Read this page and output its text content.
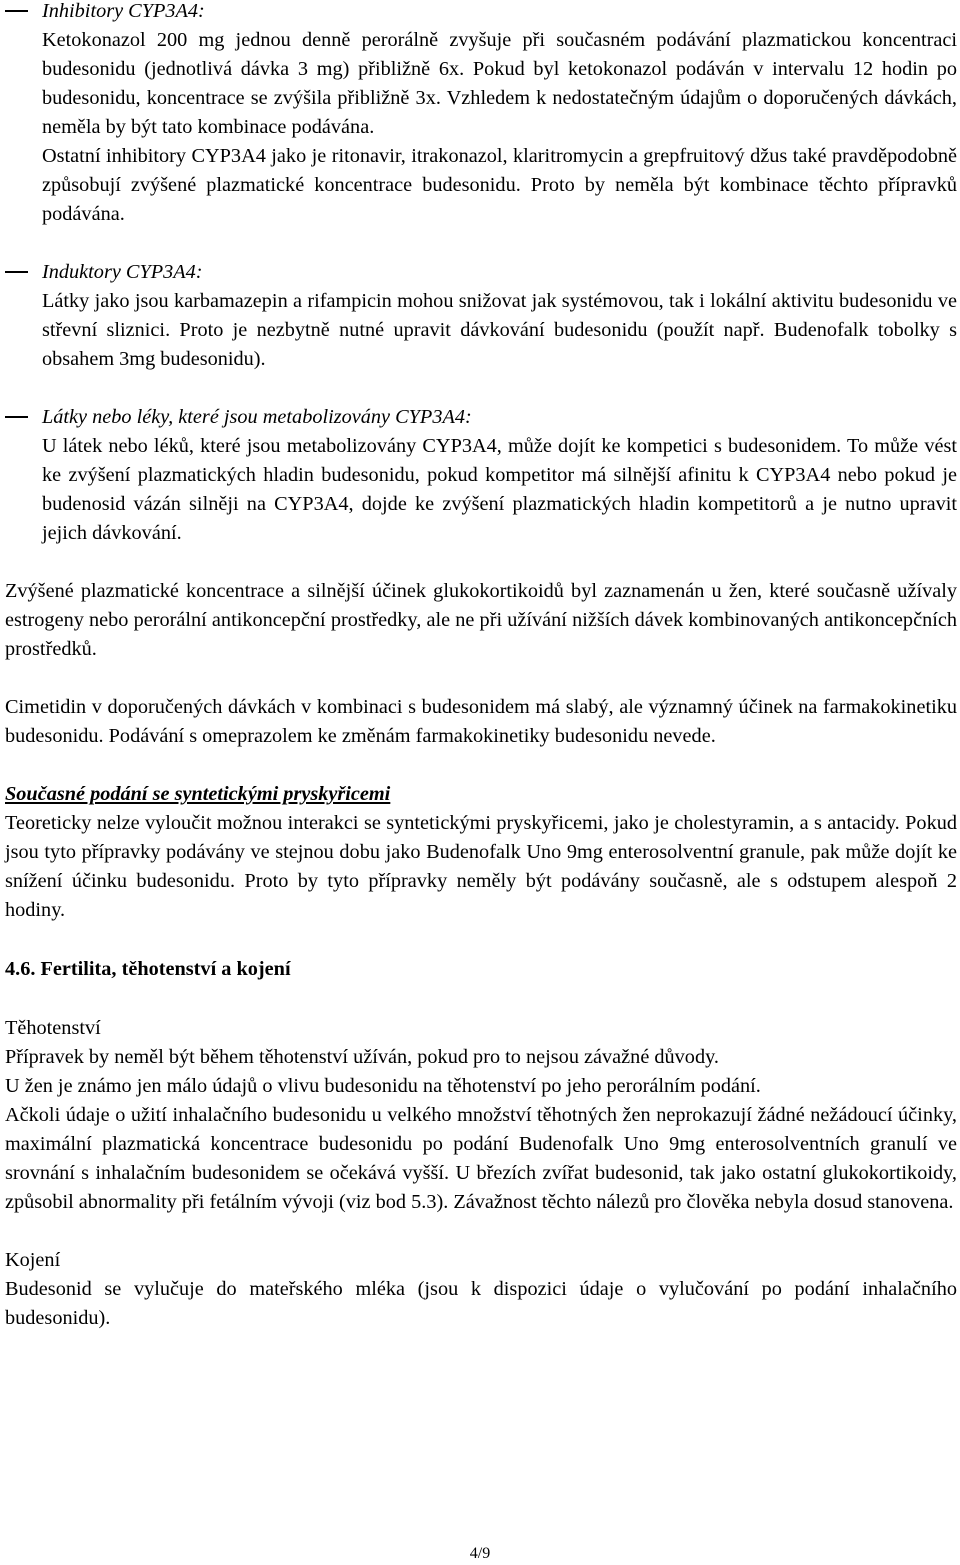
Inhibitory CYP3A4:

Ketokonazol 200 mg jednou denně perorálně zvyšuje při současném podávání plazmatickou koncentraci budesonidu (jednotlivá dávka 3 mg) přibližně 6x. Pokud byl ketokonazol podáván v intervalu 12 hodin po budesonidu, koncentrace se zvýšila přibližně 3x. Vzhledem k nedostatečným údajům o doporučených dávkách, neměla by být tato kombinace podávána.

Ostatní inhibitory CYP3A4 jako je ritonavir, itrakonazol, klaritromycin a grepfruitový džus také pravděpodobně způsobují zvýšené plazmatické koncentrace budesonidu. Proto by neměla být kombinace těchto přípravků podávána.

Induktory CYP3A4:

Látky jako jsou karbamazepin a rifampicin mohou snižovat jak systémovou, tak i lokální aktivitu budesonidu ve střevní sliznici. Proto je nezbytně nutné upravit dávkování budesonidu (použít např. Budenofalk tobolky s obsahem 3mg budesonidu).

Látky nebo léky, které jsou metabolizovány CYP3A4:

U látek nebo léků, které jsou metabolizovány CYP3A4, může dojít ke kompetici s budesonidem. To může vést ke zvýšení plazmatických hladin budesonidu, pokud kompetitor má silnější afinitu k CYP3A4 nebo pokud je budenosid vázán silněji na CYP3A4, dojde ke zvýšení plazmatických hladin kompetitorů a je nutno upravit jejich dávkování.

Zvýšené plazmatické koncentrace a silnější účinek glukokortikoidů byl zaznamenán u žen, které současně užívaly estrogeny nebo perorální antikoncepční prostředky, ale ne při užívání nižších dávek kombinovaných antikoncepčních prostředků.

Cimetidin v doporučených dávkách v kombinaci s budesonidem má slabý, ale významný účinek na farmakokinetiku budesonidu. Podávání s omeprazolem ke změnám farmakokinetiky budesonidu nevede.

Současné podání se syntetickými pryskyřicemi

Teoreticky nelze vyloučit možnou interakci se syntetickými pryskyřicemi, jako je cholestyramin, a s antacidy. Pokud jsou tyto přípravky podávány ve stejnou dobu jako Budenofalk Uno 9mg enterosolventní granule, pak může dojít ke snížení účinku budesonidu. Proto by tyto přípravky neměly být podávány současně, ale s odstupem alespoň 2 hodiny.

4.6. Fertilita, těhotenství a kojení

Těhotenství

Přípravek by neměl být během těhotenství užíván, pokud pro to nejsou závažné důvody.

U žen je známo jen málo údajů o vlivu budesonidu na těhotenství po jeho perorálním podání.

Ačkoli údaje o užití inhalačního budesonidu u velkého množství těhotných žen neprokazují žádné nežádoucí účinky, maximální plazmatická koncentrace budesonidu po podání Budenofalk Uno 9mg enterosolventních granulí ve srovnání s inhalačním budesonidem se očekává vyšší. U březích zvířat budesonid, tak jako ostatní glukokortikoidy, způsobil abnormality při fetálním vývoji (viz bod 5.3). Závažnost těchto nálezů pro člověka nebyla dosud stanovena.

Kojení

Budesonid se vylučuje do mateřského mléka (jsou k dispozici údaje o vylučování po podání inhalačního budesonidu).

4/9
